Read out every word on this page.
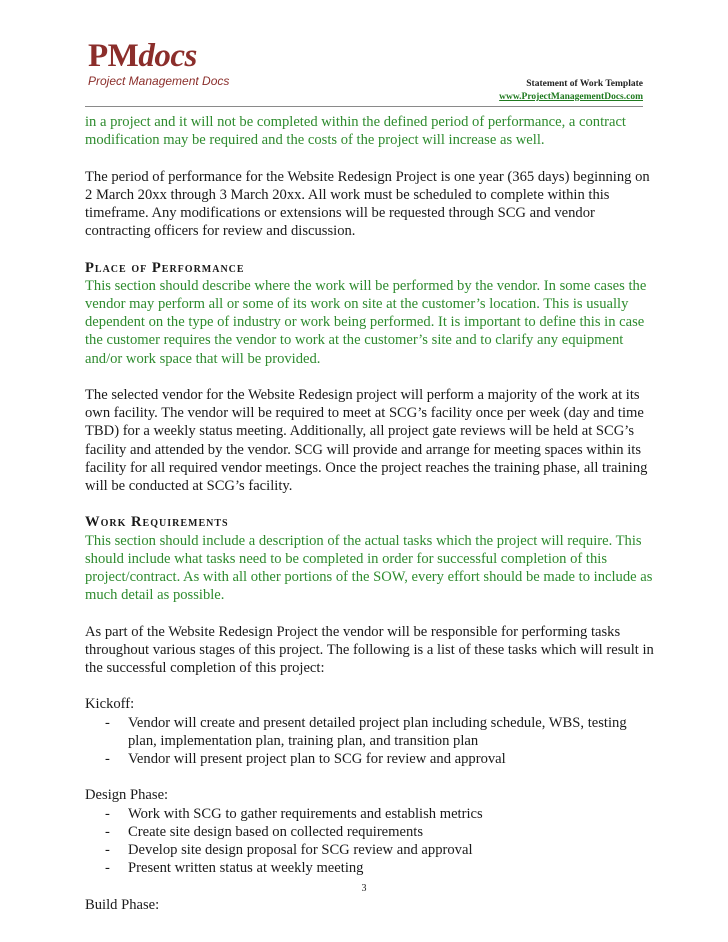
PMdocs
Project Management Docs	Statement of Work Template
www.ProjectManagementDocs.com

in a project and it will not be completed within the defined period of performance, a contract modification may be required and the costs of the project will increase as well.

The period of performance for the Website Redesign Project is one year (365 days) beginning on 2 March 20xx through 3 March 20xx. All work must be scheduled to complete within this timeframe. Any modifications or extensions will be requested through SCG and vendor contracting officers for review and discussion.

Place of Performance
This section should describe where the work will be performed by the vendor. In some cases the vendor may perform all or some of its work on site at the customer’s location. This is usually dependent on the type of industry or work being performed. It is important to define this in case the customer requires the vendor to work at the customer’s site and to clarify any equipment and/or work space that will be provided.

The selected vendor for the Website Redesign project will perform a majority of the work at its own facility. The vendor will be required to meet at SCG’s facility once per week (day and time TBD) for a weekly status meeting. Additionally, all project gate reviews will be held at SCG’s facility and attended by the vendor. SCG will provide and arrange for meeting spaces within its facility for all required vendor meetings. Once the project reaches the training phase, all training will be conducted at SCG’s facility.

Work Requirements
This section should include a description of the actual tasks which the project will require. This should include what tasks need to be completed in order for successful completion of this project/contract. As with all other portions of the SOW, every effort should be made to include as much detail as possible.

As part of the Website Redesign Project the vendor will be responsible for performing tasks throughout various stages of this project. The following is a list of these tasks which will result in the successful completion of this project:

Kickoff:
- Vendor will create and present detailed project plan including schedule, WBS, testing plan, implementation plan, training plan, and transition plan
- Vendor will present project plan to SCG for review and approval
Design Phase:
- Work with SCG to gather requirements and establish metrics
- Create site design based on collected requirements
- Develop site design proposal for SCG review and approval
- Present written status at weekly meeting
Build Phase:
3
